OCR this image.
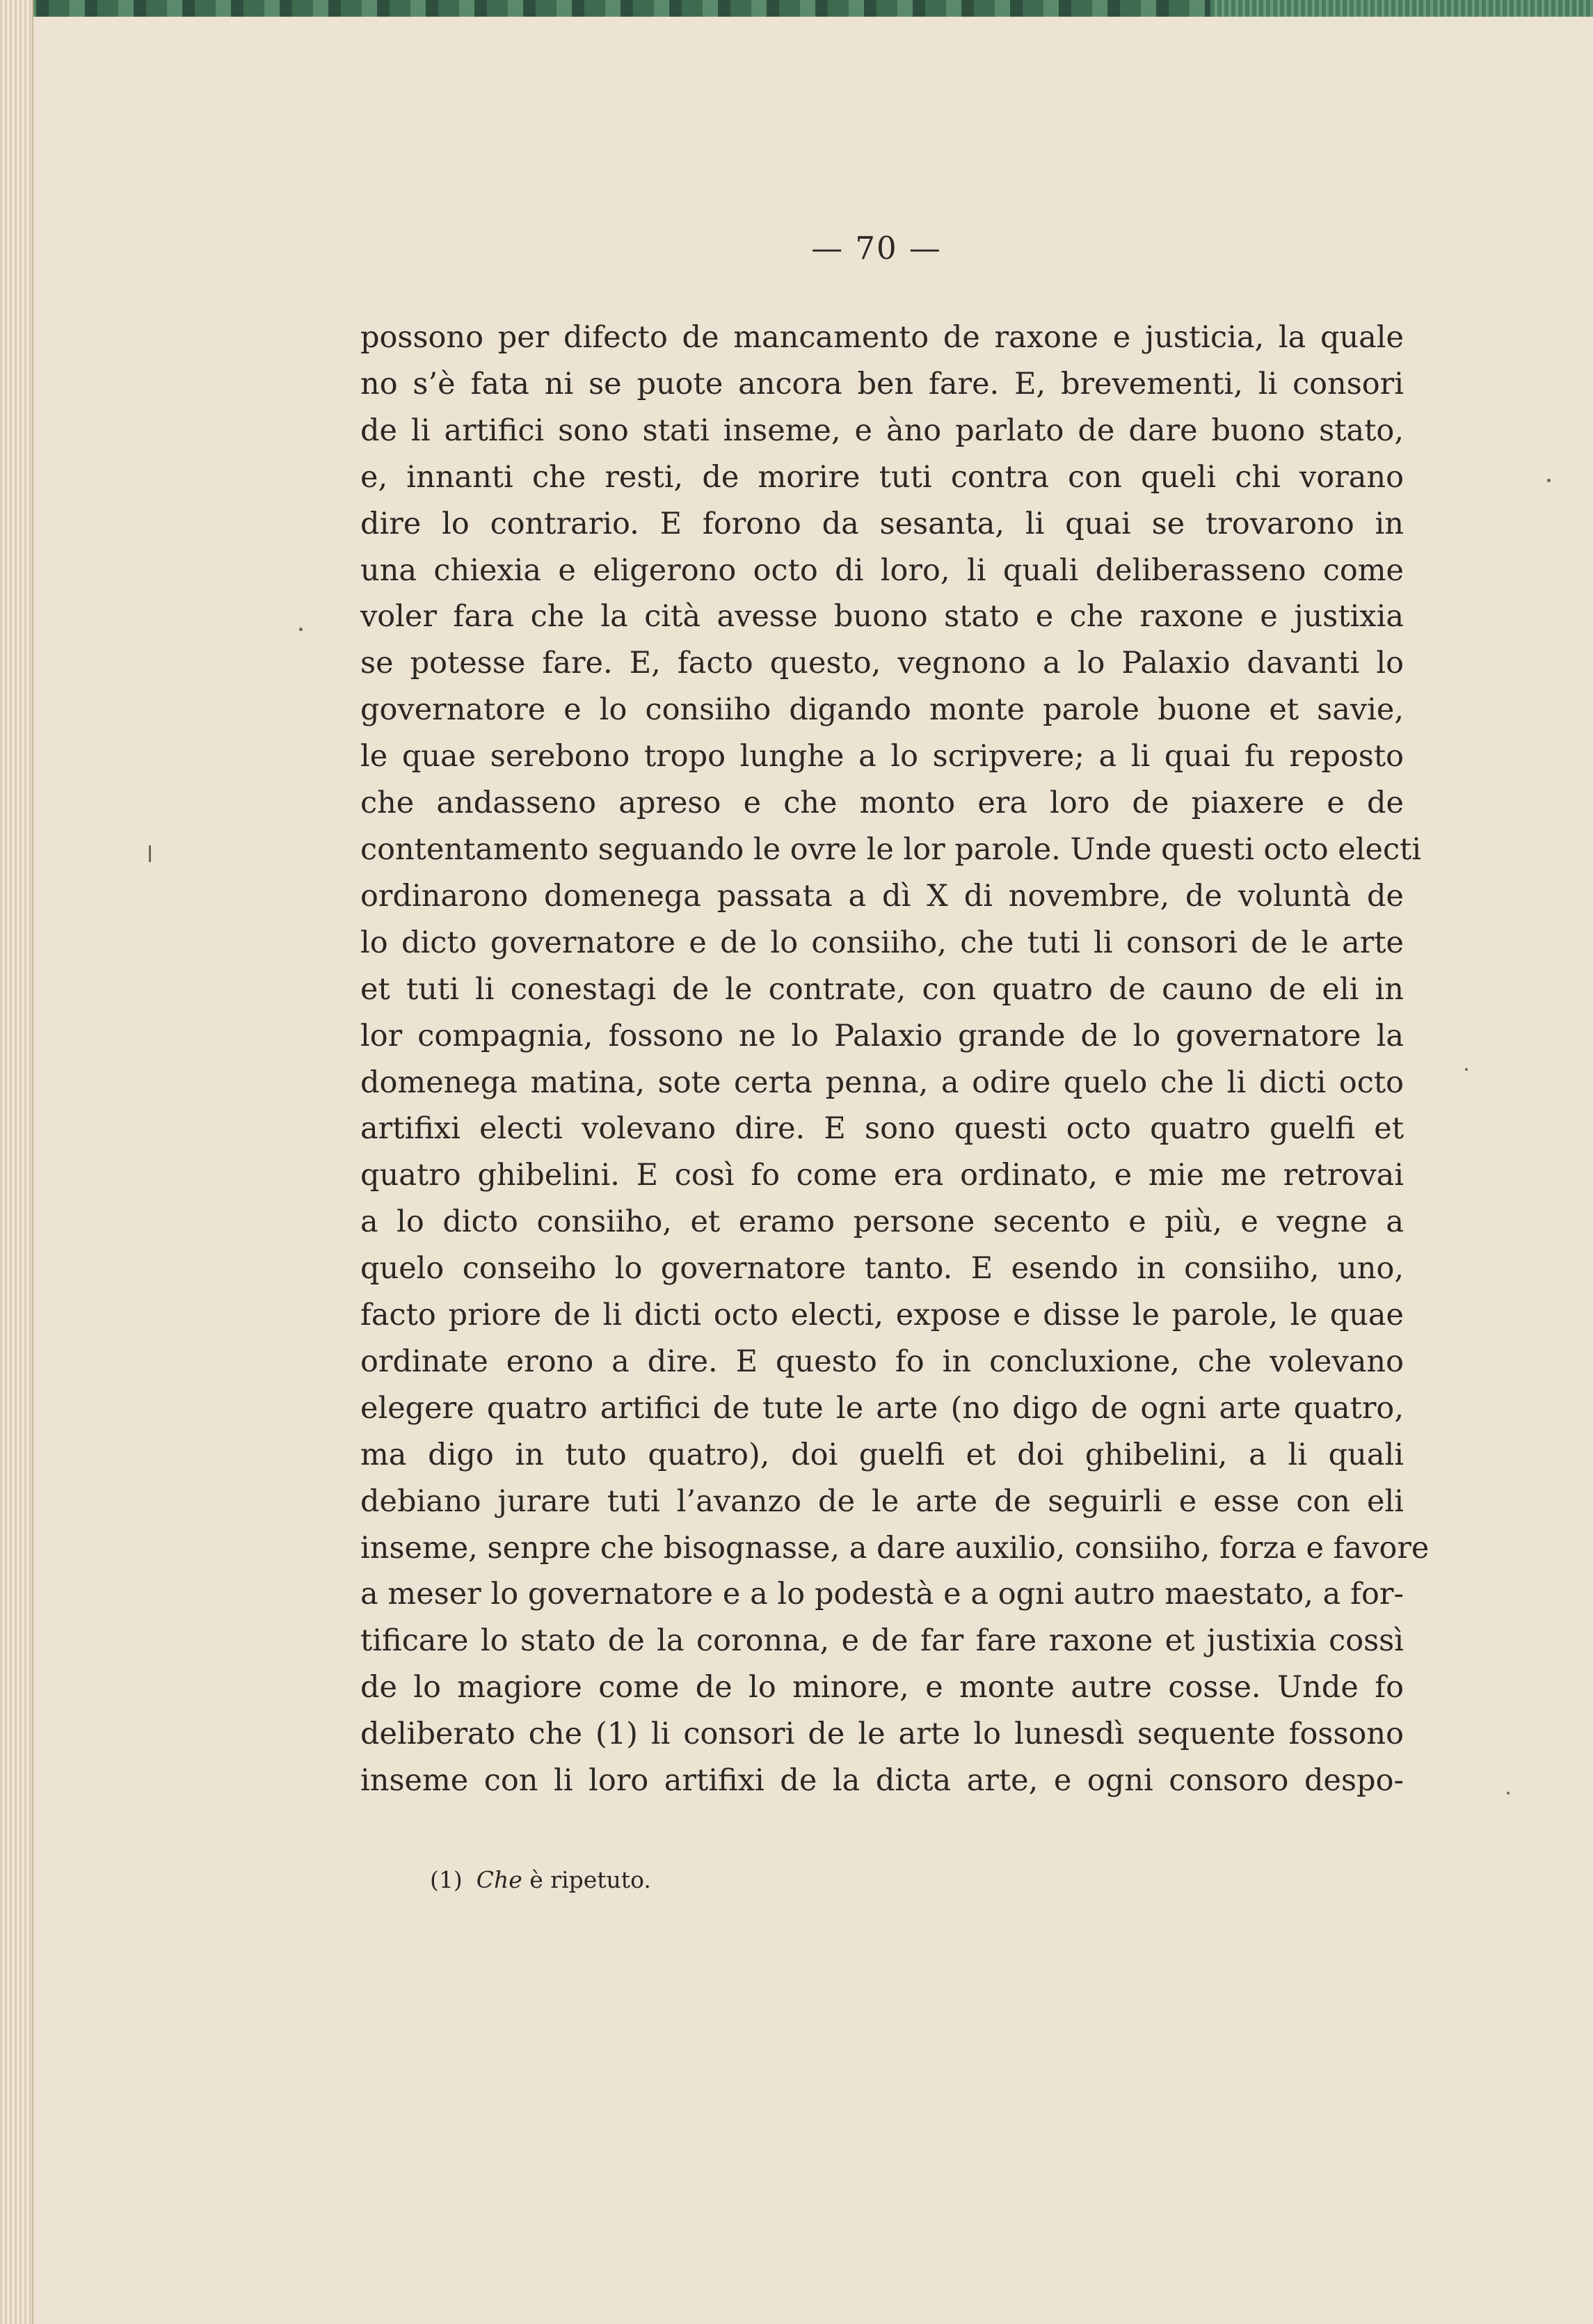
— 70 —
possono per difecto de mancamento de raxone e justicia, la quale
no s’è fata ni se puote ancora ben fare. E, brevementi, li consori
de li artifici sono stati inseme, e àno parlato de dare buono stato,
e, innanti che resti, de morire tuti contra con queli chi vorano
dire lo contrario. E forono da sesanta, li quai se trovarono in
una chiexia e eligerono octo di loro, li quali deliberasseno come
voler fara che la cità avesse buono stato e che raxone e justixia
se potesse fare. E, facto questo, vegnono a lo Palaxio davanti lo
governatore e lo consiiho digando monte parole buone et savie,
le quae serebono tropo lunghe a lo scripvere; a li quai fu reposto
che andasseno apreso e che monto era loro de piaxere e de
contentamento seguando le ovre le lor parole. Unde questi octo electi
ordinarono domenega passata a dì X di novembre, de voluntà de
lo dicto governatore e de lo consiiho, che tuti li consori de le arte
et tuti li conestagi de le contrate, con quatro de cauno de eli in
lor compagnia, fossono ne lo Palaxio grande de lo governatore la
domenega matina, sote certa penna, a odire quelo che li dicti octo
artifixi electi volevano dire. E sono questi octo quatro guelfi et
quatro ghibelini. E così fo come era ordinato, e mie me retrovai
a lo dicto consiiho, et eramo persone secento e più, e vegne a
quelo conseiho lo governatore tanto. E esendo in consiiho, uno,
facto priore de li dicti octo electi, expose e disse le parole, le quae
ordinate erono a dire. E questo fo in concluxione, che volevano
elegere quatro artifici de tute le arte (no digo de ogni arte quatro,
ma digo in tuto quatro), doi guelfi et doi ghibelini, a li quali
debiano jurare tuti l’avanzo de le arte de seguirli e esse con eli
inseme, senpre che bisognasse, a dare auxilio, consiiho, forza e favore
a meser lo governatore e a lo podestà e a ogni autro maestato, a for-
tificare lo stato de la coronna, e de far fare raxone et justixia cossì
de lo magiore come de lo minore, e monte autre cosse. Unde fo
deliberato che (1) li consori de le arte lo lunesdì sequente fossono
inseme con li loro artifixi de la dicta arte, e ogni consoro despo-
(1) Che è ripetuto.
